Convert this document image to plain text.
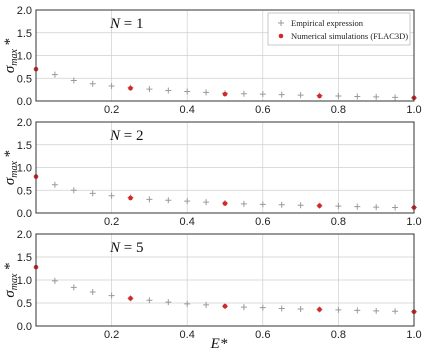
0.2	0.4	0.6	0.8	1.0
0.0
0.5
1.0
1.5
2.0
$\sigma_{max}$ *
N = 1	Empirical expression
Numerical simulations (FLAC3D)
0.2	0.4	0.6	0.8	1.0
0.0
0.5
1.0
1.5
2.0
$\sigma_{max}$ *
N = 2
0.2	0.4	0.6	0.8	1.0
0.0
0.5
1.0
1.5
2.0
$\sigma_{max}$ *
N = 5
E*
